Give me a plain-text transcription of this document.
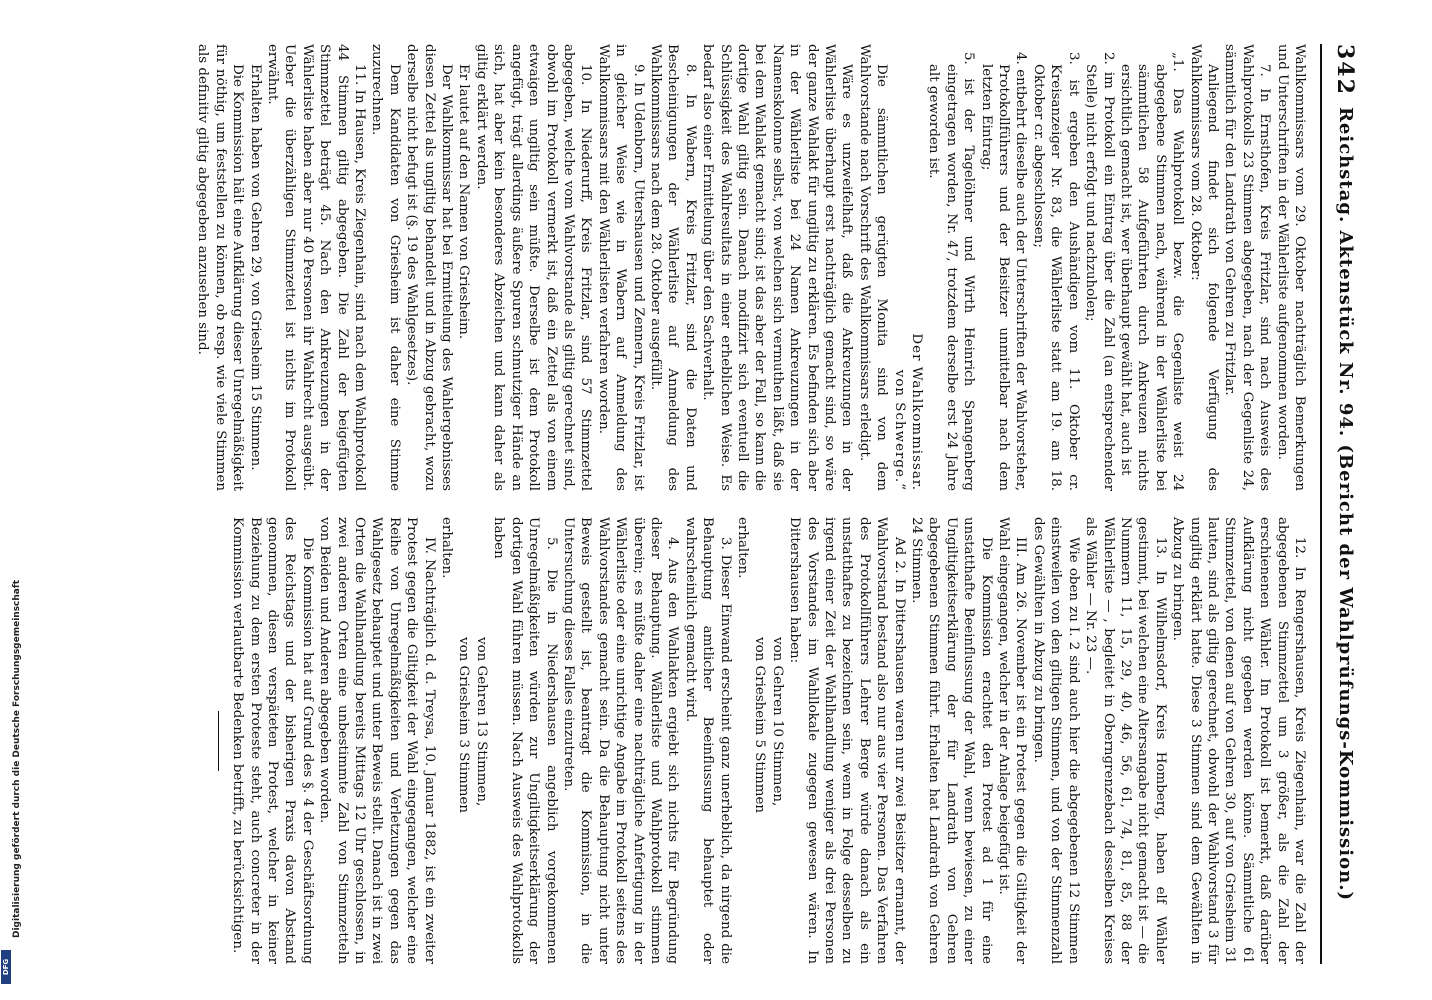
342
Reichstag. Aktenstück Nr. 94. (Bericht der Wahlprüfungs-Kommission.)

Wahlkommissars vom 29. Oktober nachträglich Bemerkungen und Unterschriften in der Wählerliste aufgenommen worden.

7. In Ernsthofen, Kreis Fritzlar, sind nach Ausweis des Wahlprotokolls 23 Stimmen abgegeben, nach der Gegenliste 24, sämmtlich für den Landrath von Gehren zu Fritzlar.

Anliegend findet sich folgende Verfügung des Wahlkommissars vom 28. Oktober:

„1. Das Wahlprotokoll bezw. die Gegenliste weist 24 abgegebene Stimmen nach, während in der Wählerliste bei sämmtlichen 58 Aufgeführten durch Ankreuzen nichts ersichtlich gemacht ist, wer überhaupt gewählt hat, auch ist

2. im Protokoll ein Eintrag über die Zahl (an entsprechender Stelle) nicht erfolgt und nachzuholen;

3. ist ergeben den Aushändigen vom 11. Oktober cr. Kreisanzeiger Nr. 83, die Wählerliste statt am 19. am 18. Oktober cr. abgeschlossen;

4. entbehrt dieselbe auch der Unterschriften der Wahlvorsteher, Protokollführers und der Beisitzer unmittelbar nach dem letzten Eintrag;

5. ist der Tagelöhner und Wirth Heinrich Spangenberg eingetragen worden, Nr. 47, trotzdem derselbe erst 24 Jahre alt geworden ist.

Der Wahlkommissar.

von Schwerge.“

Die sämmtlichen gerügten Monita sind von dem Wahlvorstande nach Vorschrift des Wahlkommissars erledigt.

Wäre es unzweifelhaft, daß die Ankreuzungen in der Wählerliste überhaupt erst nachträglich gemacht sind, so wäre der ganze Wahlakt für ungiltig zu erklären. Es befinden sich aber in der Wählerliste bei 24 Namen Ankreuzungen in der Namenskolonne selbst, von welchen sich vermuthen läßt, daß sie bei dem Wahlakt gemacht sind; ist das aber der Fall, so kann die dortige Wahl giltig sein. Danach modifizirt sich eventuell die Schlüssigkeit des Wahlresultats in einer erheblichen Weise. Es bedarf also einer Ermittelung über den Sachverhalt.

8. In Wabern, Kreis Fritzlar, sind die Daten und Bescheinigungen der Wählerliste auf Anmeldung des Wahlkommissars nach dem 28. Oktober ausgefüllt.

9. In Udenborn, Uttershausen und Zennern, Kreis Fritzlar, ist in gleicher Weise wie in Wabern auf Anmeldung des Wahlkommissars mit den Wählerlisten verfahren worden.

10. In Niederurff, Kreis Fritzlar, sind 57 Stimmzettel abgegeben, welche vom Wahlvorstande als giltig gerechnet sind, obwohl im Protokoll vermerkt ist, daß ein Zettel als von einem etwaigen ungiltig sein müßte. Derselbe ist dem Protokoll angefügt, trägt allerdings äußere Spuren schmutziger Hände an sich, hat aber kein besonderes Abzeichen und kann daher als giltig erklärt werden.

Er lautet auf den Namen von Griesheim.

Der Wahlkommissar hat bei Ermittelung des Wahlergebnisses diesen Zettel als ungiltig behandelt und in Abzug gebracht, wozu derselbe nicht befugt ist (§. 19 des Wahlgesetzes).

Dem Kandidaten von Griesheim ist daher eine Stimme zuzurechnen.

11. In Hausen, Kreis Ziegenhain, sind nach dem Wahlprotokoll 44 Stimmen giltig abgegeben. Die Zahl der beigefügten Stimmzettel beträgt 45. Nach den Ankreuzungen in der Wählerliste haben aber nur 40 Personen ihr Wahlrecht ausgeübt. Ueber die überzähligen Stimmzettel ist nichts im Protokoll erwähnt.

Erhalten haben von Gehren 29, von Griesheim 15 Stimmen.

Die Kommission hält eine Aufklärung dieser Unregelmäßigkeit für nöthig, um feststellen zu können, ob resp. wie viele Stimmen als definitiv giltig abgegeben anzusehen sind.

12. In Rengershausen, Kreis Ziegenhain, war die Zahl der abgegebenen Stimmzettel um 3 größer, als die Zahl der erschienenen Wähler. Im Protokoll ist bemerkt, daß darüber Aufklärung nicht gegeben werden könne. Sämmtliche 61 Stimmzettel, von denen auf von Gehren 30, auf von Griesheim 31 lauten, sind als giltig gerechnet, obwohl der Wahlvorstand 3 für ungiltig erklärt hatte. Diese 3 Stimmen sind dem Gewählten in Abzug zu bringen.

13. In Wilhelmsdorf, Kreis Homberg, haben elf Wähler gestimmt, bei welchen eine Altersangabe nicht gemacht ist — die Nummern 11, 15, 29, 40, 46, 56, 61, 74, 81, 85, 88 der Wählerliste — , begleitet in Oberngrenzebach desselben Kreises als Wähler — Nr. 23 —.

Wie oben zu I. 2 sind auch hier die abgegebenen 12 Stimmen einstweilen von den giltigen Stimmen, und von der Stimmenzahl des Gewählten in Abzug zu bringen.

III. Am 26. November ist ein Protest gegen die Giltigkeit der Wahl eingegangen, welcher in der Anlage beigefügt ist.

Die Kommission erachtet den Protest ad 1 für eine unstatthafte Beeinflussung der Wahl, wenn bewiesen, zu einer Ungiltigkeitserklärung der für Landrath von Gehren abgegebenen Stimmen führt. Erhalten hat Landrath von Gehren 24 Stimmen.

Ad 2. In Dittershausen waren nur zwei Beisitzer ernannt, der Wahlvorstand bestand also nur aus vier Personen. Das Verfahren des Protokollführers Lehrer Berge würde danach als ein unstatthaftes zu bezeichnen sein, wenn in Folge desselben zu irgend einer Zeit der Wahlhandlung weniger als drei Personen des Vorstandes im Wahllokale zugegen gewesen wären. In Dittershausen haben:

von Gehren 10 Stimmen,

von Griesheim 5 Stimmen

erhalten.

3. Dieser Einwand erscheint ganz unerheblich, da nirgend die Behauptung amtlicher Beeinflussung behauptet oder wahrscheinlich gemacht wird.

4. Aus den Wahlakten ergiebt sich nichts für Begründung dieser Behauptung. Wählerliste und Wahlprotokoll stimmen überein; es müßte daher eine nachträgliche Anfertigung in der Wählerliste oder eine unrichtige Angabe im Protokoll seitens des Wahlvorstandes gemacht sein. Da die Behauptung nicht unter Beweis gestellt ist, beantragt die Kommission, in die Untersuchung dieses Falles einzutreten.

5. Die in Niedershausen angeblich vorgekommenen Unregelmäßigkeiten würden zur Ungiltigkeitserklärung der dortigen Wahl führen müssen. Nach Ausweis des Wahlprotokolls haben

von Gehren 13 Stimmen,

von Griesheim 3 Stimmen

erhalten.

IV. Nachträglich d. d. Treysa, 10. Januar 1882, ist ein zweiter Protest gegen die Giltigkeit der Wahl eingegangen, welcher eine Reihe von Unregelmäßigkeiten und Verletzungen gegen das Wahlgesetz behauptet und unter Beweis stellt. Danach ist in zwei Orten die Wahlhandlung bereits Mittags 12 Uhr geschlossen, in zwei anderen Orten eine unbestimmte Zahl von Stimmzetteln von Beiden und Anderen abgegeben worden.

Die Kommission hat auf Grund des §. 4 der Geschäftsordnung des Reichstags und der bisherigen Praxis davon Abstand genommen, diesen verspäteten Protest, welcher in keiner Beziehung zu dem ersten Proteste steht, auch concreter in der Kommission verlautbarte Bedenken betrifft, zu berücksichtigen.

Digitalisierung gefördert durch die Deutsche Forschungsgemeinschaft
DFG
